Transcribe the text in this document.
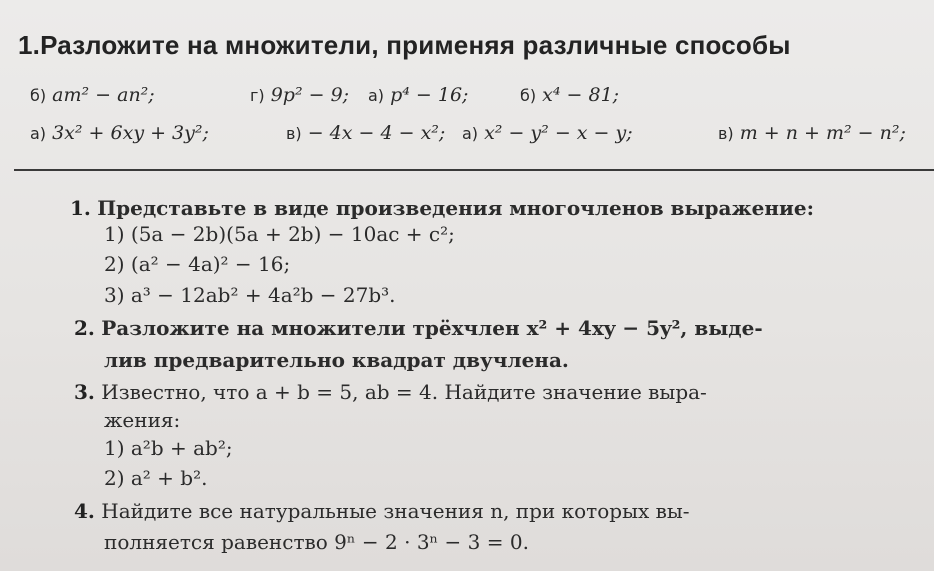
1.Разложите на множители, применяя различные способы
б) am² − an²;	г) 9p² − 9; а) p⁴ − 16;	б) x⁴ − 81;
а) 3x² + 6xy + 3y²;	в) − 4x − 4 − x²; а) x² − y² − x − y;	в) m + n + m² − n²;
1. Представьте в виде произведения многочленов выражение:
1) (5a − 2b)(5a + 2b) − 10ac + c²;
2) (a² − 4a)² − 16;
3) a³ − 12ab² + 4a²b − 27b³.
2. Разложите на множители трёхчлен x² + 4xy − 5y², выде-
лив предварительно квадрат двучлена.
3. Известно, что a + b = 5, ab = 4. Найдите значение выра-
жения:
1) a²b + ab²;
2) a² + b².
4. Найдите все натуральные значения n, при которых вы-
полняется равенство 9ⁿ − 2 · 3ⁿ − 3 = 0.
